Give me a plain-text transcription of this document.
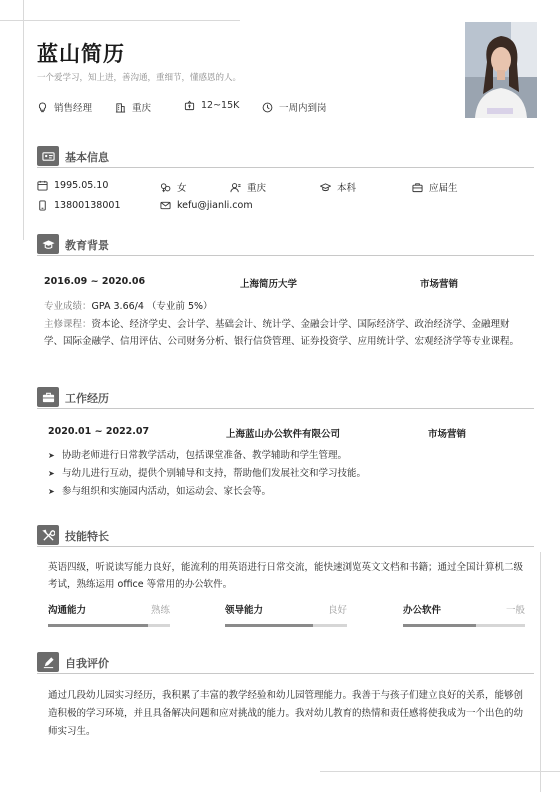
蓝山简历
一个爱学习，知上进，善沟通，重细节，懂感恩的人。
销售经理	重庆	12~15K	一周内到岗
基本信息
1995.05.10	女	重庆	本科	应届生
13800138001	kefu@jianli.com
教育背景
2016.09 ~ 2020.06	上海简历大学	市场营销
专业成绩：GPA 3.66/4 （专业前 5%）
主修课程：资本论、经济学史、会计学、基础会计、统计学、金融会计学、国际经济学、政治经济学、金融理财学、国际金融学、信用评估、公司财务分析、银行信贷管理、证券投资学、应用统计学、宏观经济学等专业课程。
工作经历
2020.01 ~ 2022.07	上海蓝山办公软件有限公司	市场营销
➤ 协助老师进行日常教学活动，包括课堂准备、教学辅助和学生管理。
➤ 与幼儿进行互动，提供个别辅导和支持，帮助他们发展社交和学习技能。
➤ 参与组织和实施园内活动，如运动会、家长会等。
技能特长
英语四级，听说读写能力良好，能流利的用英语进行日常交流，能快速浏览英文文档和书籍；通过全国计算机二级考试，熟练运用 office 等常用的办公软件。
沟通能力	熟练	领导能力	良好	办公软件	一般
自我评价
通过几段幼儿园实习经历，我积累了丰富的教学经验和幼儿园管理能力。我善于与孩子们建立良好的关系，能够创造积极的学习环境，并且具备解决问题和应对挑战的能力。我对幼儿教育的热情和责任感将使我成为一个出色的幼师实习生。
